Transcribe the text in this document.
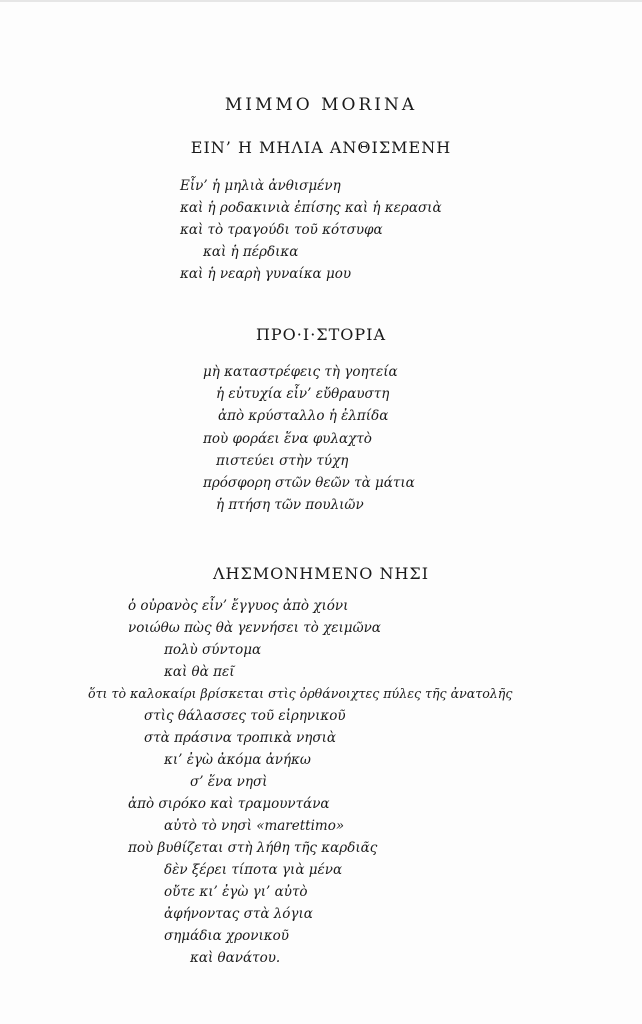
MIMMO MORINA
ΕΙΝ’ Η ΜΗΛΙΑ ΑΝΘΙΣΜΕΝΗ
Εἶν’ ἡ μηλιὰ ἀνθισμένη
καὶ ἡ ροδακινιὰ ἐπίσης καὶ ἡ κερασιὰ
καὶ τὸ τραγούδι τοῦ κότσυφα
καὶ ἡ πέρδικα
καὶ ἡ νεαρὴ γυναίκα μου
ΠΡΟ·Ι·ΣΤΟΡΙΑ
μὴ καταστρέφεις τὴ γοητεία
ἡ εὐτυχία εἶν’ εὔθραυστη
ἀπὸ κρύσταλλο ἡ ἐλπίδα
ποὺ φοράει ἕνα φυλαχτὸ
πιστεύει στὴν τύχη
πρόσφορη στῶν θεῶν τὰ μάτια
ἡ πτήση τῶν πουλιῶν
ΛΗΣΜΟΝΗΜΕΝΟ ΝΗΣΙ
ὁ οὐρανὸς εἶν’ ἔγγυος ἀπὸ χιόνι
νοιώθω πὼς θὰ γεννήσει τὸ χειμῶνα
πολὺ σύντομα
καὶ θὰ πεῖ
ὅτι τὸ καλοκαίρι βρίσκεται στὶς ὀρθάνοιχτες πύλες τῆς ἀνατολῆς
στὶς θάλασσες τοῦ εἰρηνικοῦ
στὰ πράσινα τροπικὰ νησιὰ
κι’ ἐγὼ ἀκόμα ἀνήκω
σ’ ἕνα νησὶ
ἀπὸ σιρόκο καὶ τραμουντάνα
αὐτὸ τὸ νησὶ «marettimo»
ποὺ βυθίζεται στὴ λήθη τῆς καρδιᾶς
δὲν ξέρει τίποτα γιὰ μένα
οὔτε κι’ ἐγὼ γι’ αὐτὸ
ἀφήνοντας στὰ λόγια
σημάδια χρονικοῦ
καὶ θανάτου.
